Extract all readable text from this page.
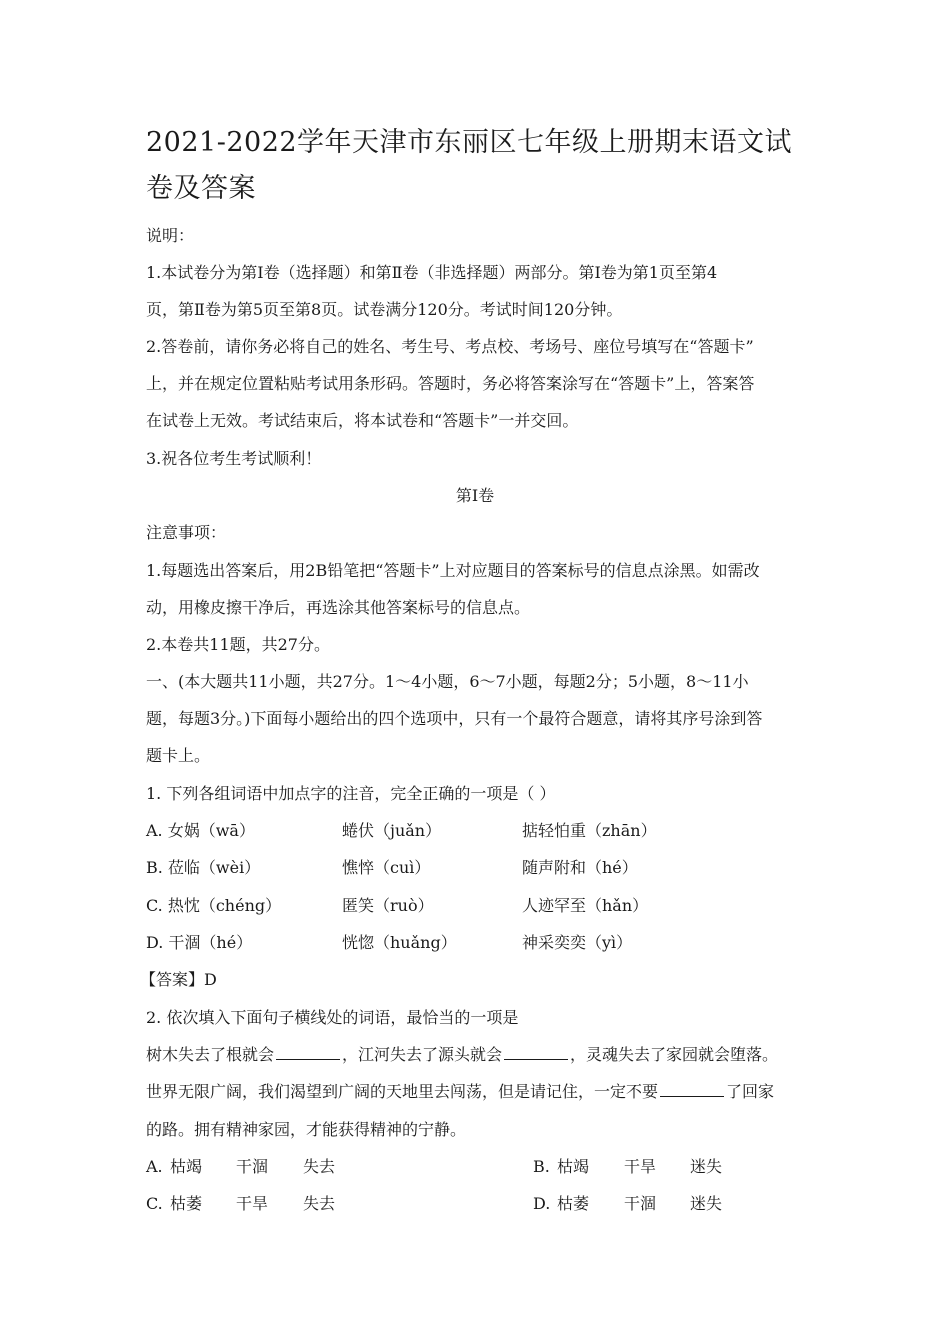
2021-2022学年天津市东丽区七年级上册期末语文试卷及答案
说明：
1.本试卷分为第Ⅰ卷（选择题）和第Ⅱ卷（非选择题）两部分。第Ⅰ卷为第1页至第4
页，第Ⅱ卷为第5页至第8页。试卷满分120分。考试时间120分钟。
2.答卷前，请你务必将自己的姓名、考生号、考点校、考场号、座位号填写在“答题卡”
上，并在规定位置粘贴考试用条形码。答题时，务必将答案涂写在“答题卡”上，答案答
在试卷上无效。考试结束后，将本试卷和“答题卡”一并交回。
3.祝各位考生考试顺利！
第Ⅰ卷
注意事项：
1.每题选出答案后，用2B铅笔把“答题卡”上对应题目的答案标号的信息点涂黑。如需改
动，用橡皮擦干净后，再选涂其他答案标号的信息点。
2.本卷共11题，共27分。
一、(本大题共11小题，共27分。1～4小题，6～7小题，每题2分；5小题，8～11小
题，每题3分。)下面每小题给出的四个选项中，只有一个最符合题意，请将其序号涂到答
题卡上。
1. 下列各组词语中加点字的注音，完全正确的一项是（ ）
A. 女娲（wā）	蜷伏（juǎn）	掂轻怕重（zhān）
B. 莅临（wèi）	憔悴（cuì）	随声附和（hé）
C. 热忱（chéng）	匿笑（ruò）	人迹罕至（hǎn）
D. 干涸（hé）	恍惚（huǎng）	神采奕奕（yì）
【答案】D
2. 依次填入下面句子横线处的词语，最恰当的一项是
树木失去了根就会	，江河失去了源头就会	，灵魂失去了家园就会堕落。
世界无限广阔，我们渴望到广阔的天地里去闯荡，但是请记住，一定不要	了回家
的路。拥有精神家园，才能获得精神的宁静。
A. 枯竭 干涸 失去	B. 枯竭 干旱 迷失
C. 枯萎 干旱 失去	D. 枯萎 干涸 迷失
